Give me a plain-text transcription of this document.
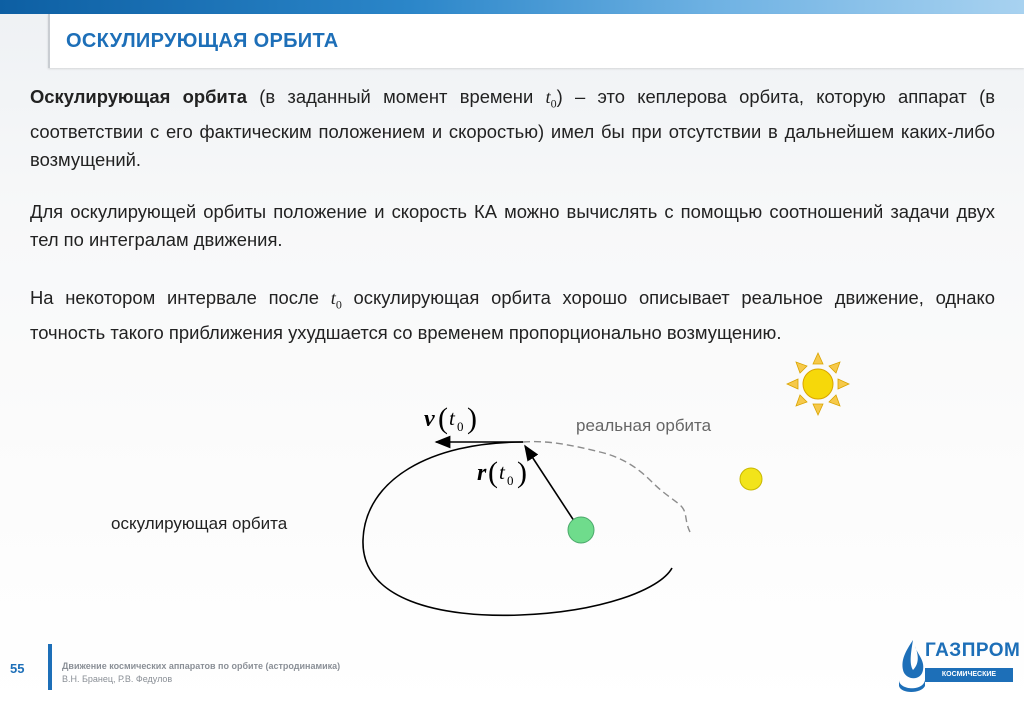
ОСКУЛИРУЮЩАЯ ОРБИТА
Оскулирующая орбита (в заданный момент времени $t_0$) – это кеплерова орбита, которую аппарат (в соответствии с его фактическим положением и скоростью) имел бы при отсутствии в дальнейшем каких-либо возмущений.
Для оскулирующей орбиты положение и скорость КА можно вычислять с помощью соотношений задачи двух тел по интегралам движения.
На некотором интервале после $t_0$ оскулирующая орбита хорошо описывает реальное движение, однако точность такого приближения ухудшается со временем пропорционально возмущению.
v ( t 0 )
r ( t 0 )
оскулирующая орбита
реальная орбита
55	Движение космических аппаратов по орбите (астродинамика)
В.Н. Бранец, Р.В. Федулов
ГАЗПРОМ
КОСМИЧЕСКИЕ СИСТЕМЫ
